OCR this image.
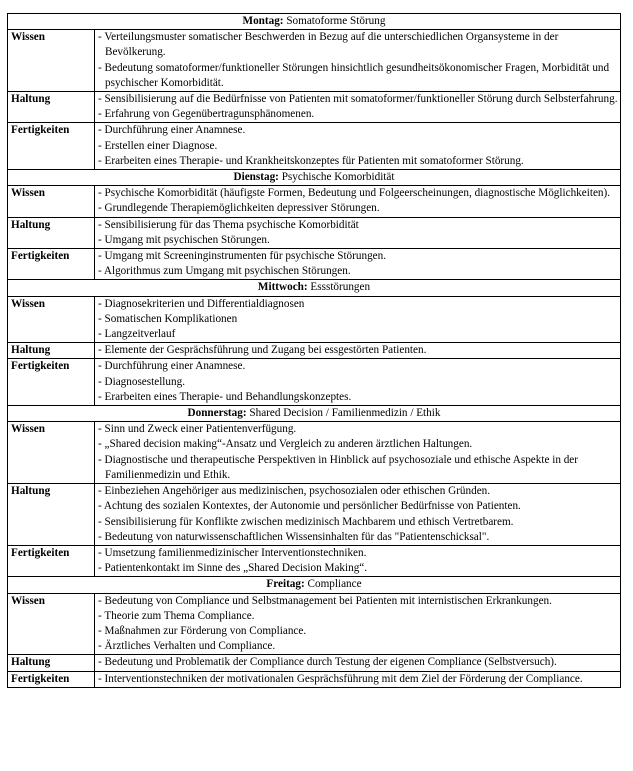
Montag: Somatoforme Störung	
Wissen	- Verteilungsmuster somatischer Beschwerden in Bezug auf die unterschiedlichen Organsysteme in der Bevölkerung.
- Bedeutung somatoformer/funktioneller Störungen hinsichtlich gesundheitsökonomischer Fragen, Morbidität und psychischer Komorbidität.

Haltung	- Sensibilisierung auf die Bedürfnisse von Patienten mit somatoformer/funktioneller Störung durch Selbsterfahrung.
- Erfahrung von Gegenübertragunsphänomenen.

Fertigkeiten	- Durchführung einer Anamnese.
- Erstellen einer Diagnose.
- Erarbeiten eines Therapie- und Krankheitskonzeptes für Patienten mit somatoformer Störung.

Dienstag: Psychische Komorbidität	
Wissen	- Psychische Komorbidität (häufigste Formen, Bedeutung und Folgeerscheinungen, diagnostische Möglichkeiten).
- Grundlegende Therapiemöglichkeiten depressiver Störungen.

Haltung	- Sensibilisierung für das Thema psychische Komorbidität
- Umgang mit psychischen Störungen.

Fertigkeiten	- Umgang mit Screeninginstrumenten für psychische Störungen.
- Algorithmus zum Umgang mit psychischen Störungen.

Mittwoch: Essstörungen	
Wissen	- Diagnosekriterien und Differentialdiagnosen
- Somatischen Komplikationen
- Langzeitverlauf

Haltung	- Elemente der Gesprächsführung und Zugang bei essgestörten Patienten.

Fertigkeiten	- Durchführung einer Anamnese.
- Diagnosestellung.
- Erarbeiten eines Therapie- und Behandlungskonzeptes.

Donnerstag: Shared Decision / Familienmedizin / Ethik	
Wissen	- Sinn und Zweck einer Patientenverfügung.
- „Shared decision making“-Ansatz und Vergleich zu anderen ärztlichen Haltungen.
- Diagnostische und therapeutische Perspektiven in Hinblick auf psychosoziale und ethische Aspekte in der Familienmedizin und Ethik.

Haltung	- Einbeziehen Angehöriger aus medizinischen, psychosozialen oder ethischen Gründen.
- Achtung des sozialen Kontextes, der Autonomie und persönlicher Bedürfnisse von Patienten.
- Sensibilisierung für Konflikte zwischen medizinisch Machbarem und ethisch Vertretbarem.
- Bedeutung von naturwissenschaftlichen Wissensinhalten für das "Patientenschicksal".

Fertigkeiten	- Umsetzung familienmedizinischer Interventionstechniken.
- Patientenkontakt im Sinne des „Shared Decision Making“.

Freitag: Compliance	
Wissen	- Bedeutung von Compliance und Selbstmanagement bei Patienten mit internistischen Erkrankungen.
- Theorie zum Thema Compliance.
- Maßnahmen zur Förderung von Compliance.
- Ärztliches Verhalten und Compliance.

Haltung	- Bedeutung und Problematik der Compliance durch Testung der eigenen Compliance (Selbstversuch).

Fertigkeiten	- Interventionstechniken der motivationalen Gesprächsführung mit dem Ziel der Förderung der Compliance.
